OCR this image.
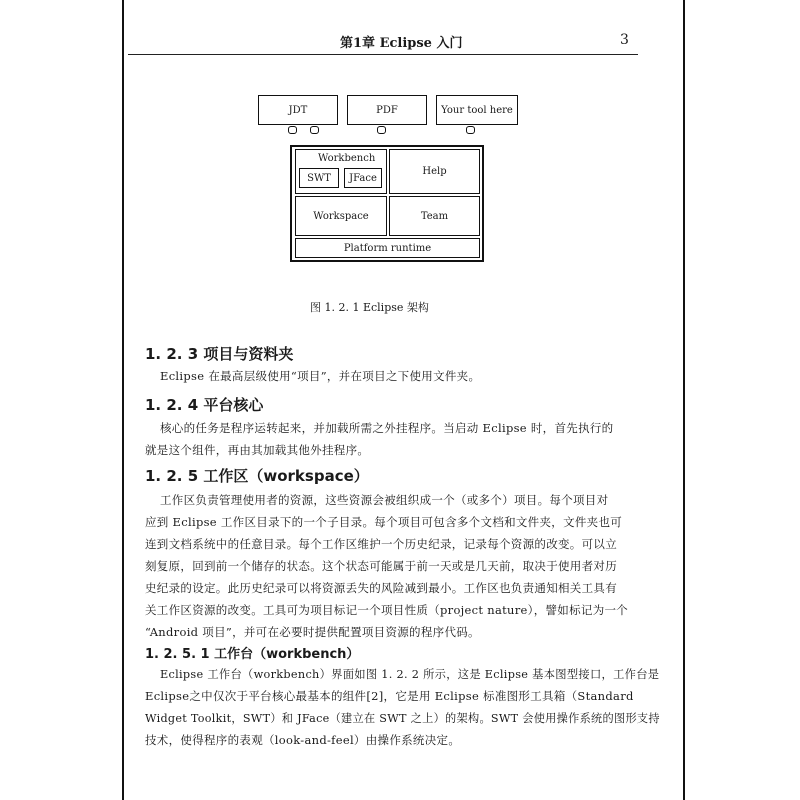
第1章 Eclipse 入门	3
JDT	PDF	Your tool here
Workbench
SWT	JFace
Help
Workspace	Team
Platform runtime
图 1. 2. 1 Eclipse 架构
1. 2. 3 项目与资料夹
Eclipse 在最高层级使用“项目”，并在项目之下使用文件夹。
1. 2. 4 平台核心
核心的任务是程序运转起来，并加载所需之外挂程序。当启动 Eclipse 时，首先执行的
就是这个组件，再由其加载其他外挂程序。
1. 2. 5 工作区（workspace）
工作区负责管理使用者的资源，这些资源会被组织成一个（或多个）项目。每个项目对
应到 Eclipse 工作区目录下的一个子目录。每个项目可包含多个文档和文件夹，文件夹也可
连到文档系统中的任意目录。每个工作区维护一个历史纪录，记录每个资源的改变。可以立
刻复原，回到前一个储存的状态。这个状态可能属于前一天或是几天前，取决于使用者对历
史纪录的设定。此历史纪录可以将资源丢失的风险减到最小。工作区也负责通知相关工具有
关工作区资源的改变。工具可为项目标记一个项目性质（project nature），譬如标记为一个
“Android 项目”，并可在必要时提供配置项目资源的程序代码。
1. 2. 5. 1 工作台（workbench）
Eclipse 工作台（workbench）界面如图 1. 2. 2 所示，这是 Eclipse 基本图型接口，工作台是
Eclipse之中仅次于平台核心最基本的组件[2]，它是用 Eclipse 标准图形工具箱（Standard
Widget Toolkit，SWT）和 JFace（建立在 SWT 之上）的架构。SWT 会使用操作系统的图形支持
技术，使得程序的表观（look-and-feel）由操作系统决定。
